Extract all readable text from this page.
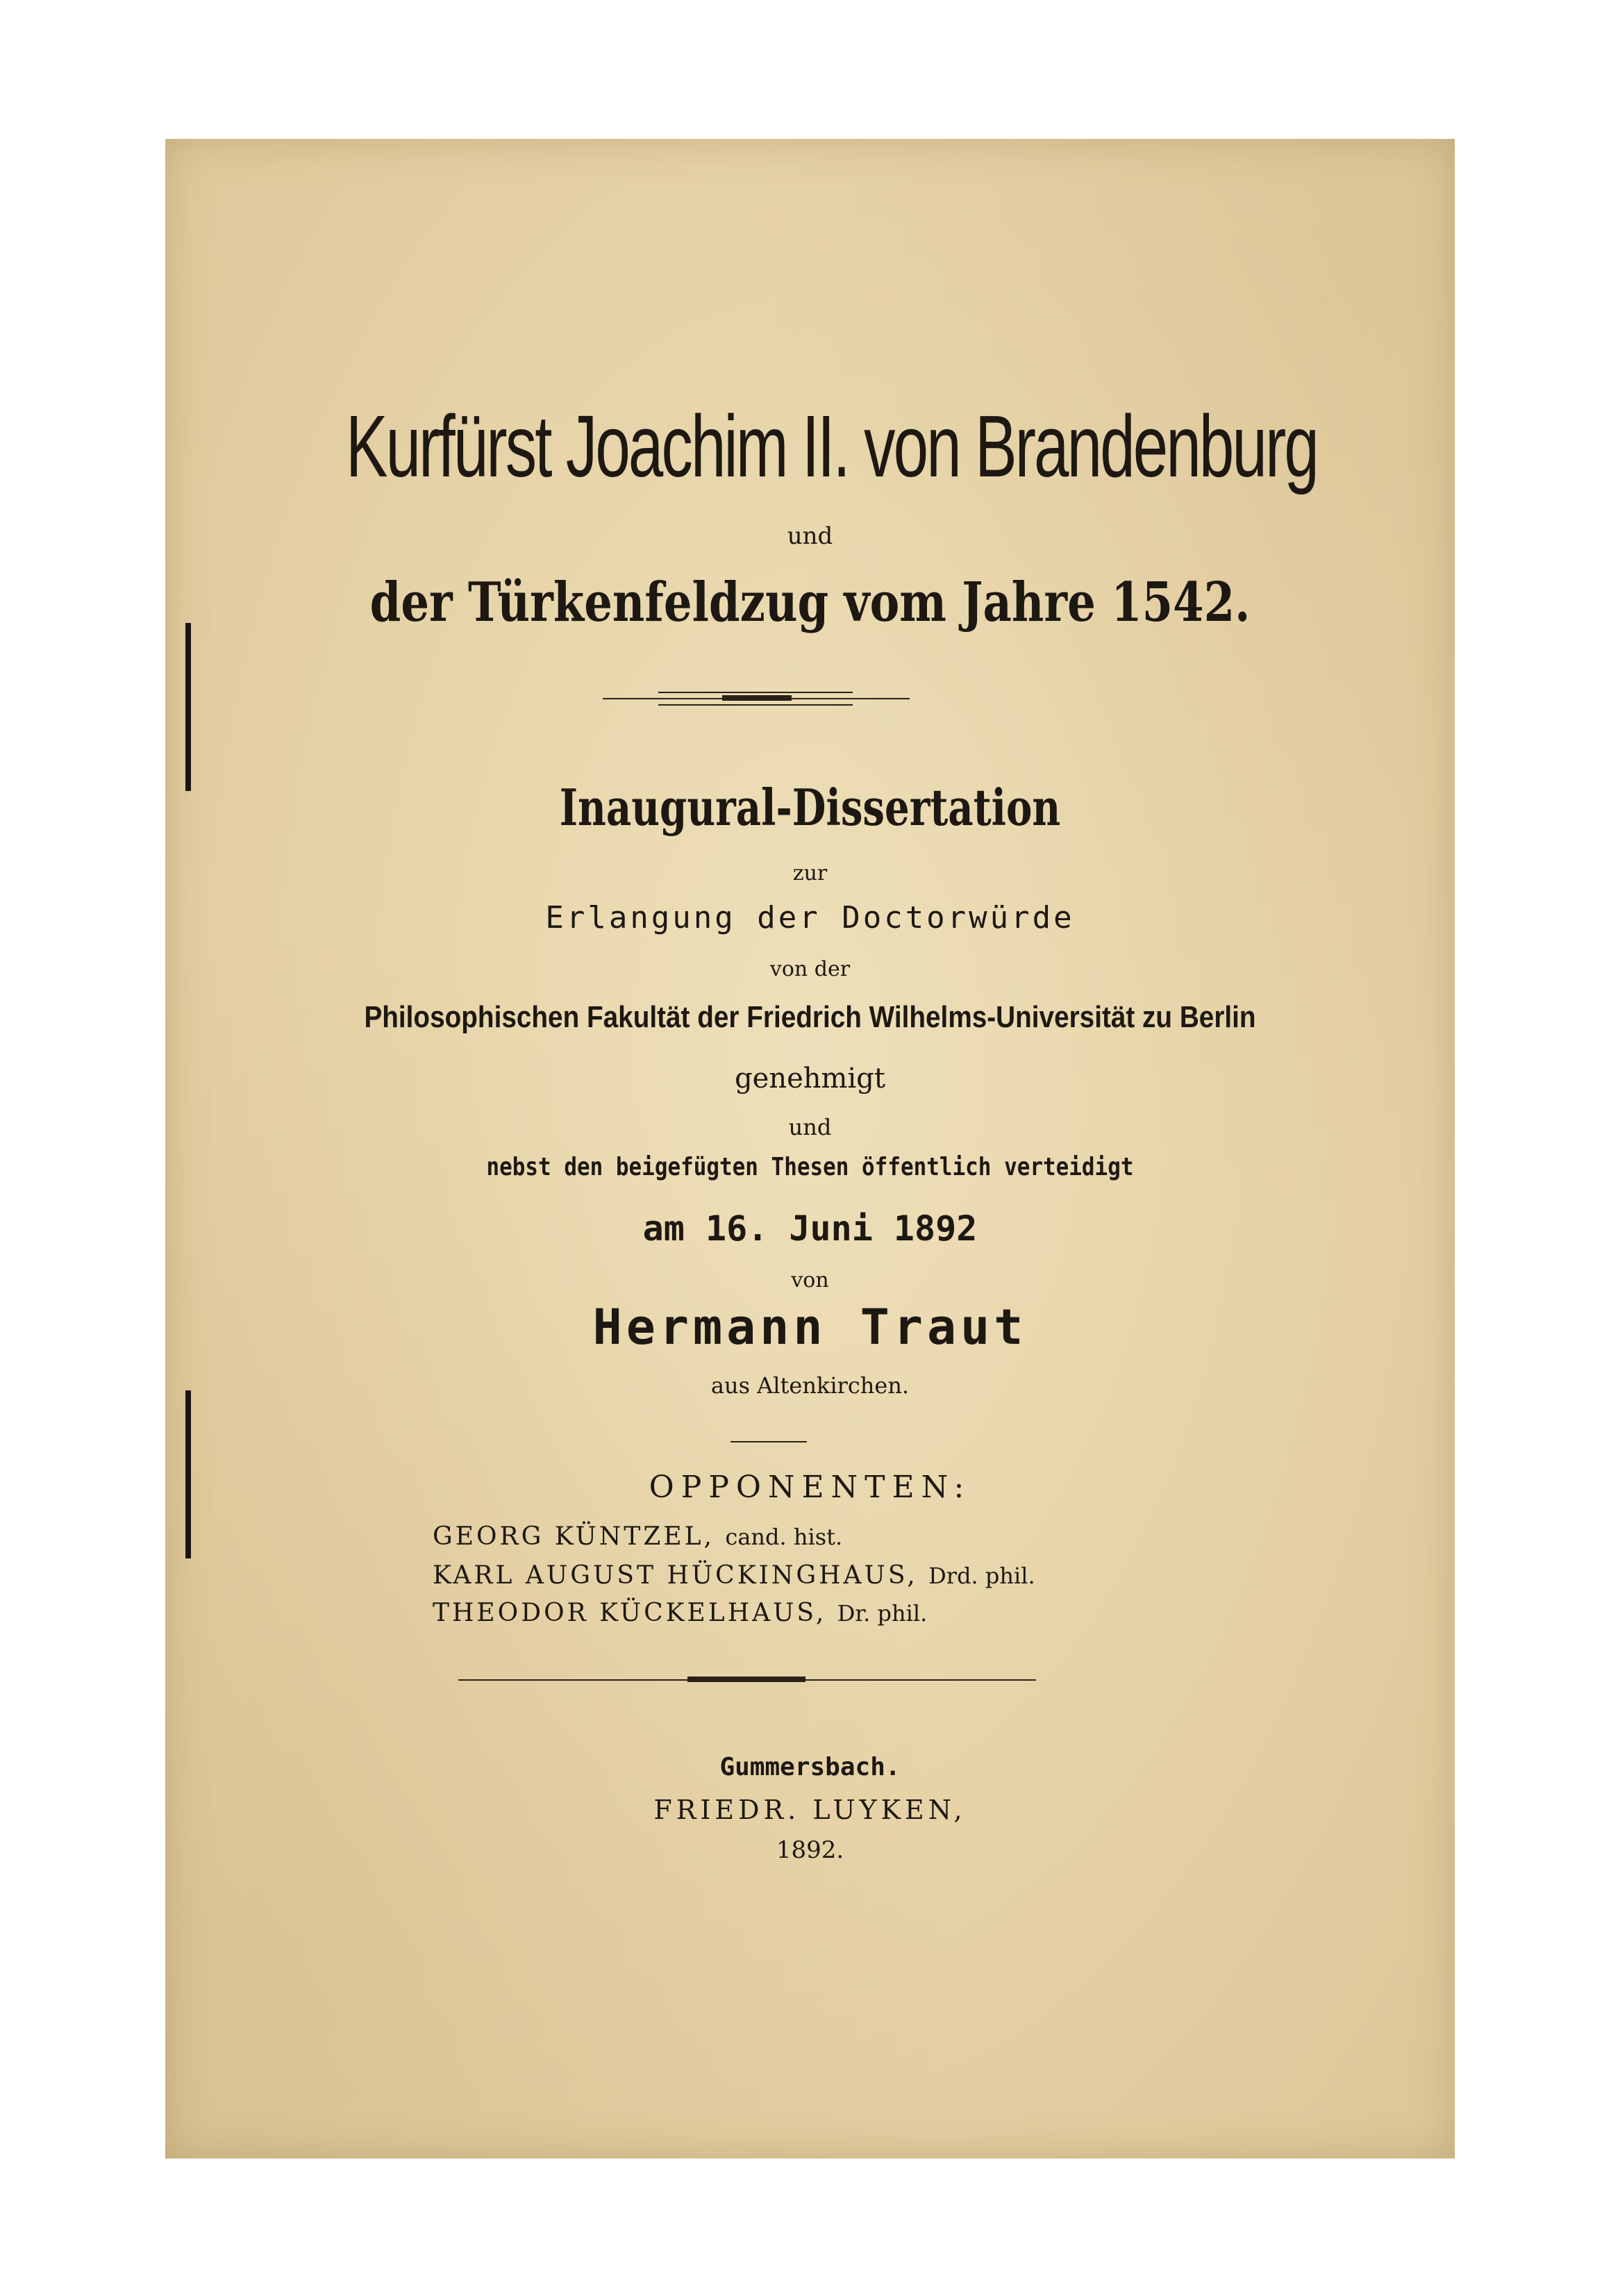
Kurfürst Joachim II. von Brandenburg
und
der Türkenfeldzug vom Jahre 1542.
Inaugural-Dissertation
zur
Erlangung der Doctorwürde
von der
Philosophischen Fakultät der Friedrich Wilhelms-Universität zu Berlin
genehmigt
und
nebst den beigefügten Thesen öffentlich verteidigt
am 16. Juni 1892
von
Hermann Traut
aus Altenkirchen.
OPPONENTEN:
GEORG KÜNTZEL, cand. hist.
KARL AUGUST HÜCKINGHAUS, Drd. phil.
THEODOR KÜCKELHAUS, Dr. phil.
Gummersbach.
FRIEDR. LUYKEN,
1892.
